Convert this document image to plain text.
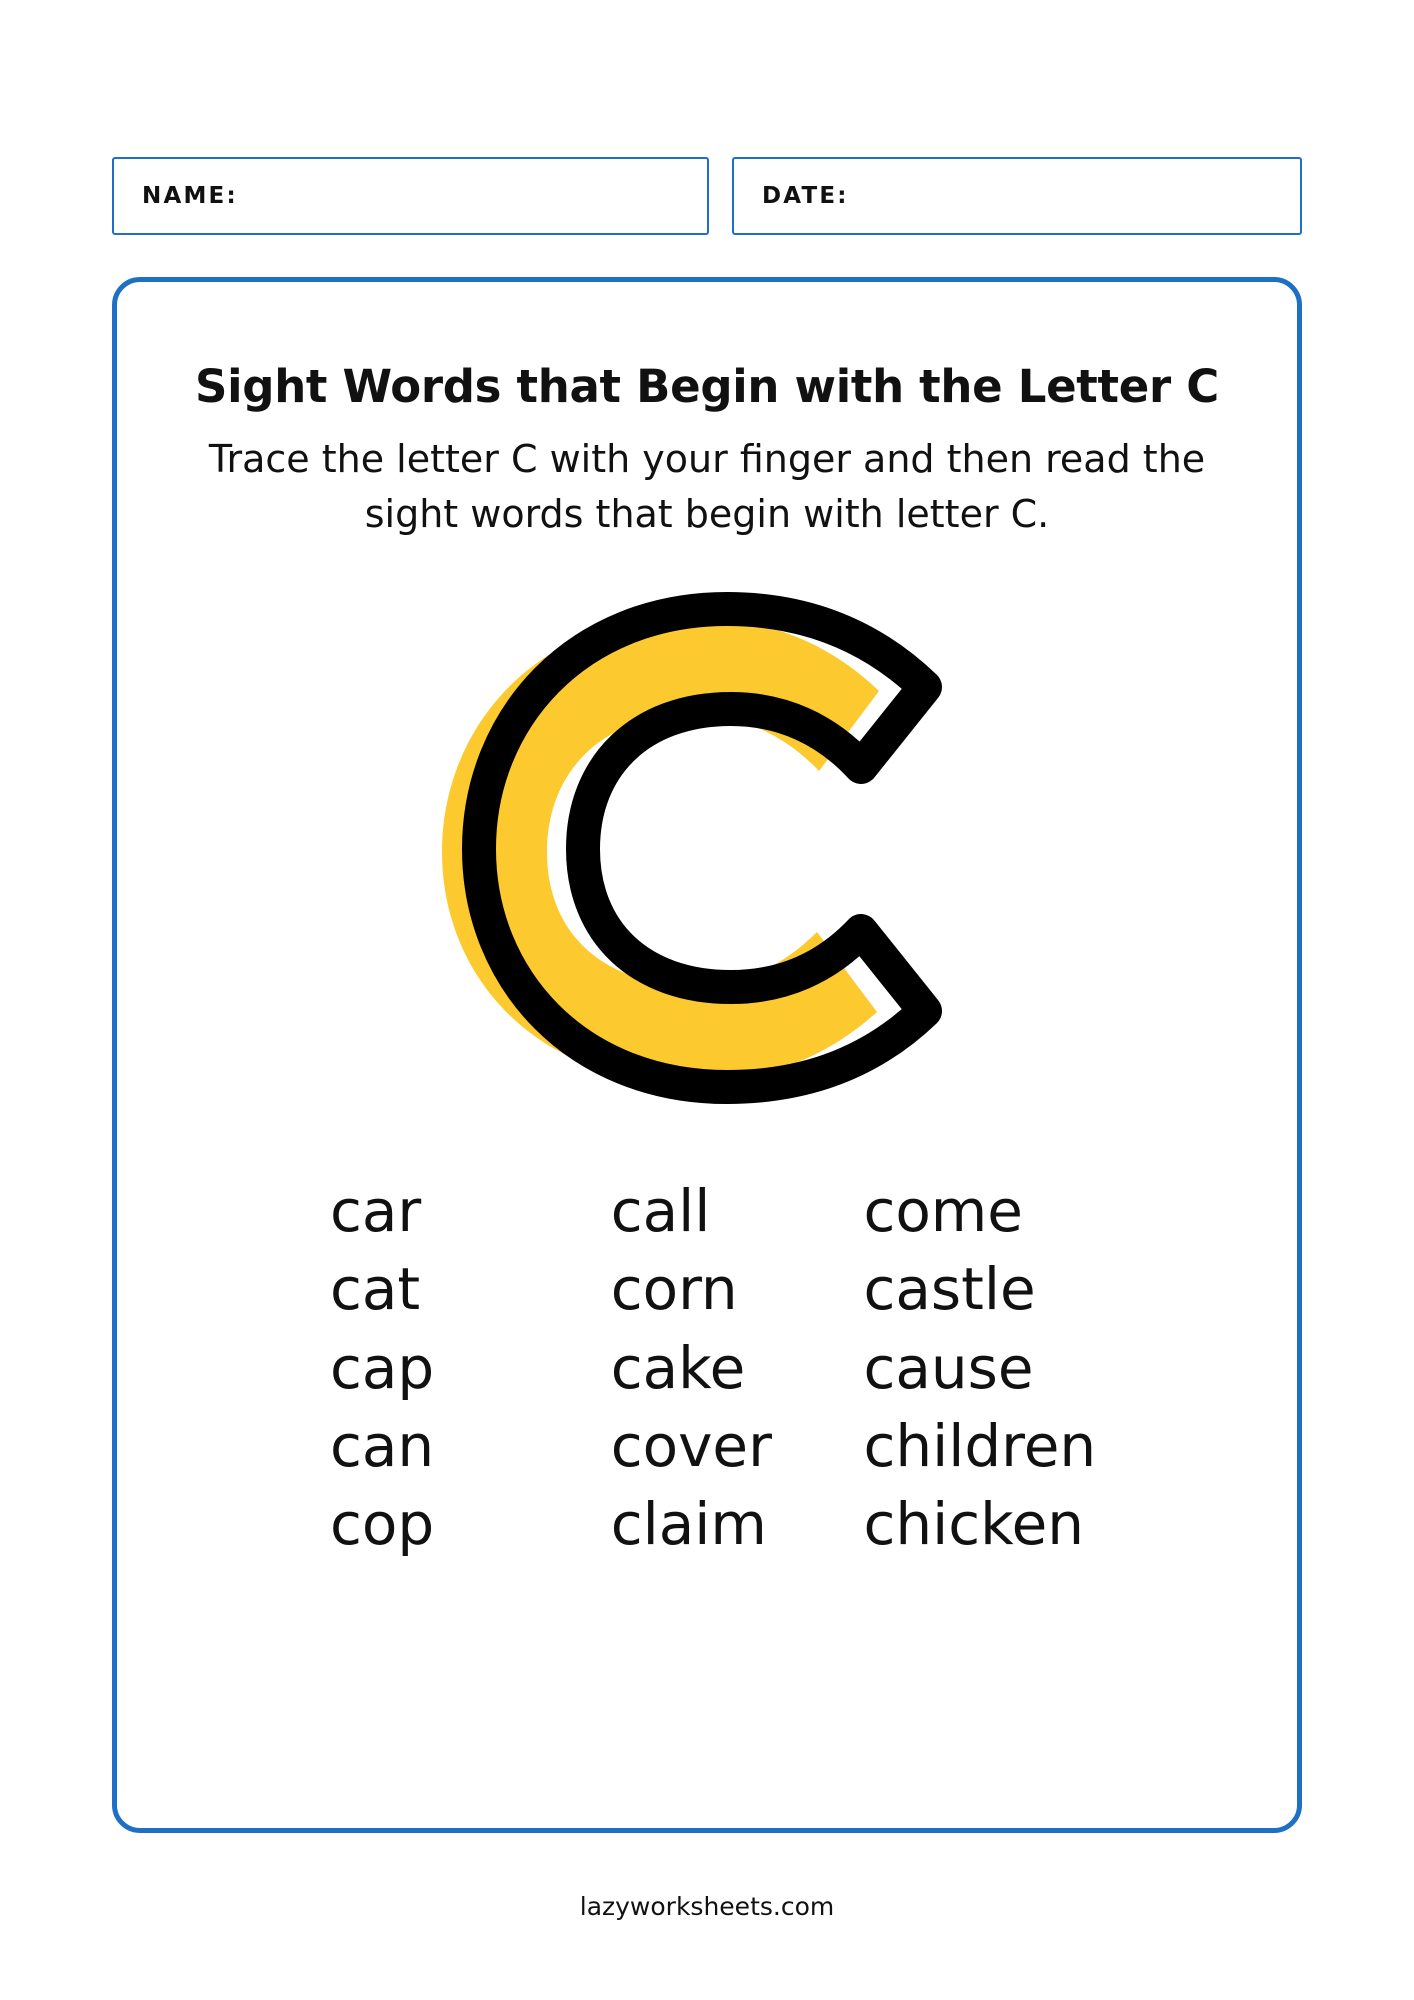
NAME:	DATE:
Sight Words that Begin with the Letter C
Trace the letter C with your finger and then read the sight words that begin with letter C.
car
cat
cap
can
cop
call
corn
cake
cover
claim
come
castle
cause
children
chicken
lazyworksheets.com
